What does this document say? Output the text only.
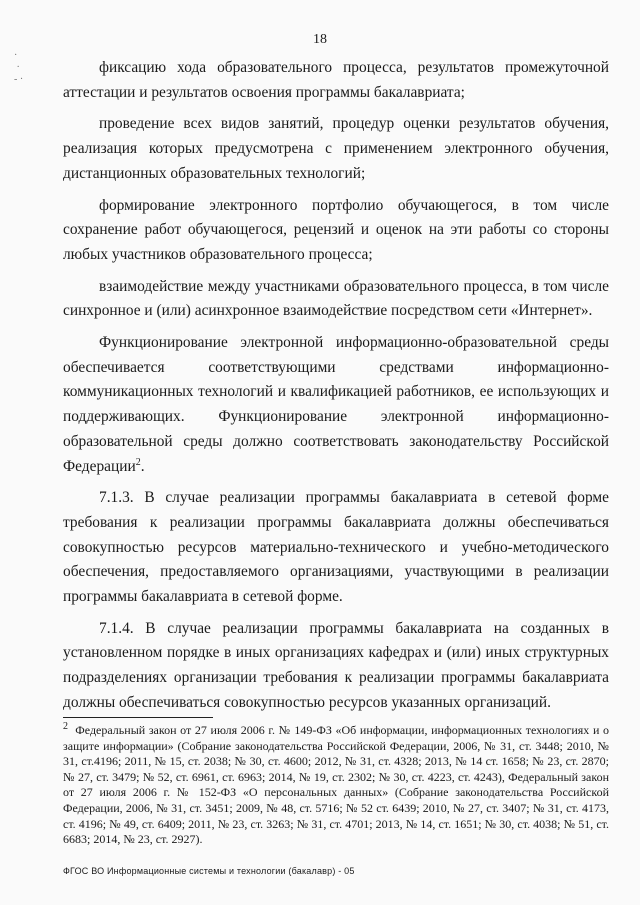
18
·
·
- ·

фиксацию хода образовательного процесса, результатов промежуточной аттестации и результатов освоения программы бакалавриата;

проведение всех видов занятий, процедур оценки результатов обучения, реализация которых предусмотрена с применением электронного обучения, дистанционных образовательных технологий;

формирование электронного портфолио обучающегося, в том числе сохранение работ обучающегося, рецензий и оценок на эти работы со стороны любых участников образовательного процесса;

взаимодействие между участниками образовательного процесса, в том числе синхронное и (или) асинхронное взаимодействие посредством сети «Интернет».

Функционирование электронной информационно-образовательной среды обеспечивается соответствующими средствами информационно-коммуникационных технологий и квалификацией работников, ее использующих и поддерживающих. Функционирование электронной информационно-образовательной среды должно соответствовать законодательству Российской Федерации$^2$.

7.1.3. В случае реализации программы бакалавриата в сетевой форме требования к реализации программы бакалавриата должны обеспечиваться совокупностью ресурсов материально-технического и учебно-методического обеспечения, предоставляемого организациями, участвующими в реализации программы бакалавриата в сетевой форме.

7.1.4. В случае реализации программы бакалавриата на созданных в установленном порядке в иных организациях кафедрах и (или) иных структурных подразделениях организации требования к реализации программы бакалавриата должны обеспечиваться совокупностью ресурсов указанных организаций.

$^2$ Федеральный закон от 27 июля 2006 г. № 149-ФЗ «Об информации, информационных технологиях и о защите информации» (Собрание законодательства Российской Федерации, 2006, № 31, ст. 3448; 2010, № 31, ст.4196; 2011, № 15, ст. 2038; № 30, ст. 4600; 2012, № 31, ст. 4328; 2013, № 14 ст. 1658; № 23, ст. 2870; № 27, ст. 3479; № 52, ст. 6961, ст. 6963; 2014, № 19, ст. 2302; № 30, ст. 4223, ст. 4243), Федеральный закон от 27 июля 2006 г. № 152-ФЗ «О персональных данных» (Собрание законодательства Российской Федерации, 2006, № 31, ст. 3451; 2009, № 48, ст. 5716; № 52 ст. 6439; 2010, № 27, ст. 3407; № 31, ст. 4173, ст. 4196; № 49, ст. 6409; 2011, № 23, ст. 3263; № 31, ст. 4701; 2013, № 14, ст. 1651; № 30, ст. 4038; № 51, ст. 6683; 2014, № 23, ст. 2927).

ФГОС ВО Информационные системы и технологии (бакалавр) - 05
